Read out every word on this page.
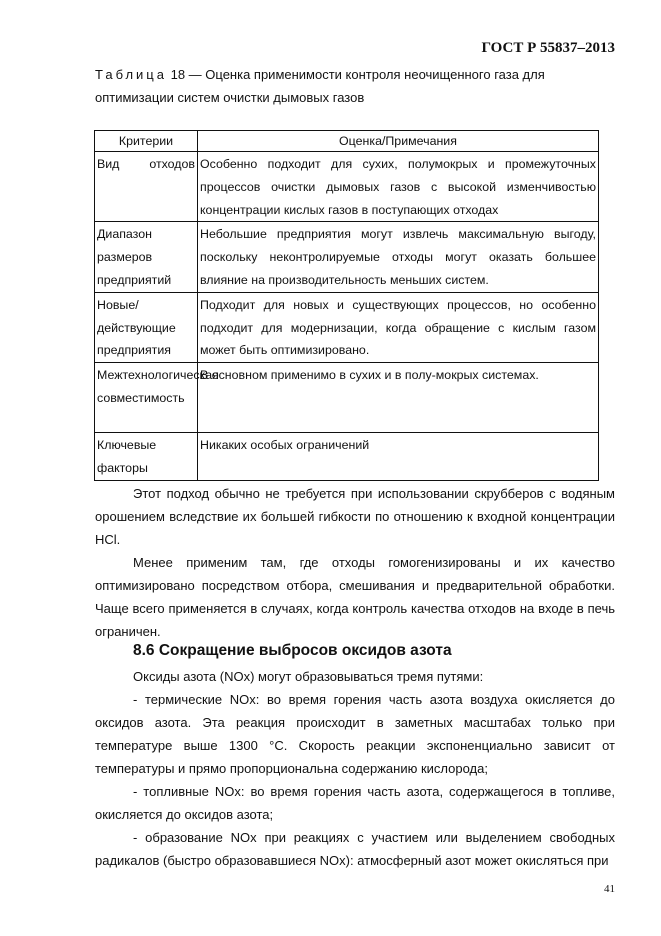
ГОСТ Р 55837–2013
Таблица 18 — Оценка применимости контроля неочищенного газа для оптимизации систем очистки дымовых газов
Критерии	Оценка/Примечания
Вид отходов	Особенно подходит для сухих, полумокрых и промежуточных процессов очистки дымовых газов с высокой изменчивостью концентрации кислых газов в поступающих отходах
Диапазон размеров предприятий	Небольшие предприятия могут извлечь максимальную выгоду, поскольку неконтролируемые отходы могут оказать большее влияние на производительность меньших систем.
Новые/действующие предприятия	Подходит для новых и существующих процессов, но особенно подходит для модернизации, когда обращение с кислым газом может быть оптимизировано.
Межтехнологическая совместимость	В основном применимо в сухих и в полу-мокрых системах.
Ключевые факторы	Никаких особых ограничений

Этот подход обычно не требуется при использовании скрубберов с водяным орошением вследствие их большей гибкости по отношению к входной концентрации HCl.

Менее применим там, где отходы гомогенизированы и их качество оптимизировано посредством отбора, смешивания и предварительной обработки. Чаще всего применяется в случаях, когда контроль качества отходов на входе в печь ограничен.

8.6 Сокращение выбросов оксидов азота

Оксиды азота (NOx) могут образовываться тремя путями:

- термические NOx: во время горения часть азота воздуха окисляется до оксидов азота. Эта реакция происходит в заметных масштабах только при температуре выше 1300 °С. Скорость реакции экспоненциально зависит от температуры и прямо пропорциональна содержанию кислорода;

- топливные NOx: во время горения часть азота, содержащегося в топливе, окисляется до оксидов азота;

- образование NOx при реакциях с участием или выделением свободных радикалов (быстро образовавшиеся NOx): атмосферный азот может окисляться при

41
